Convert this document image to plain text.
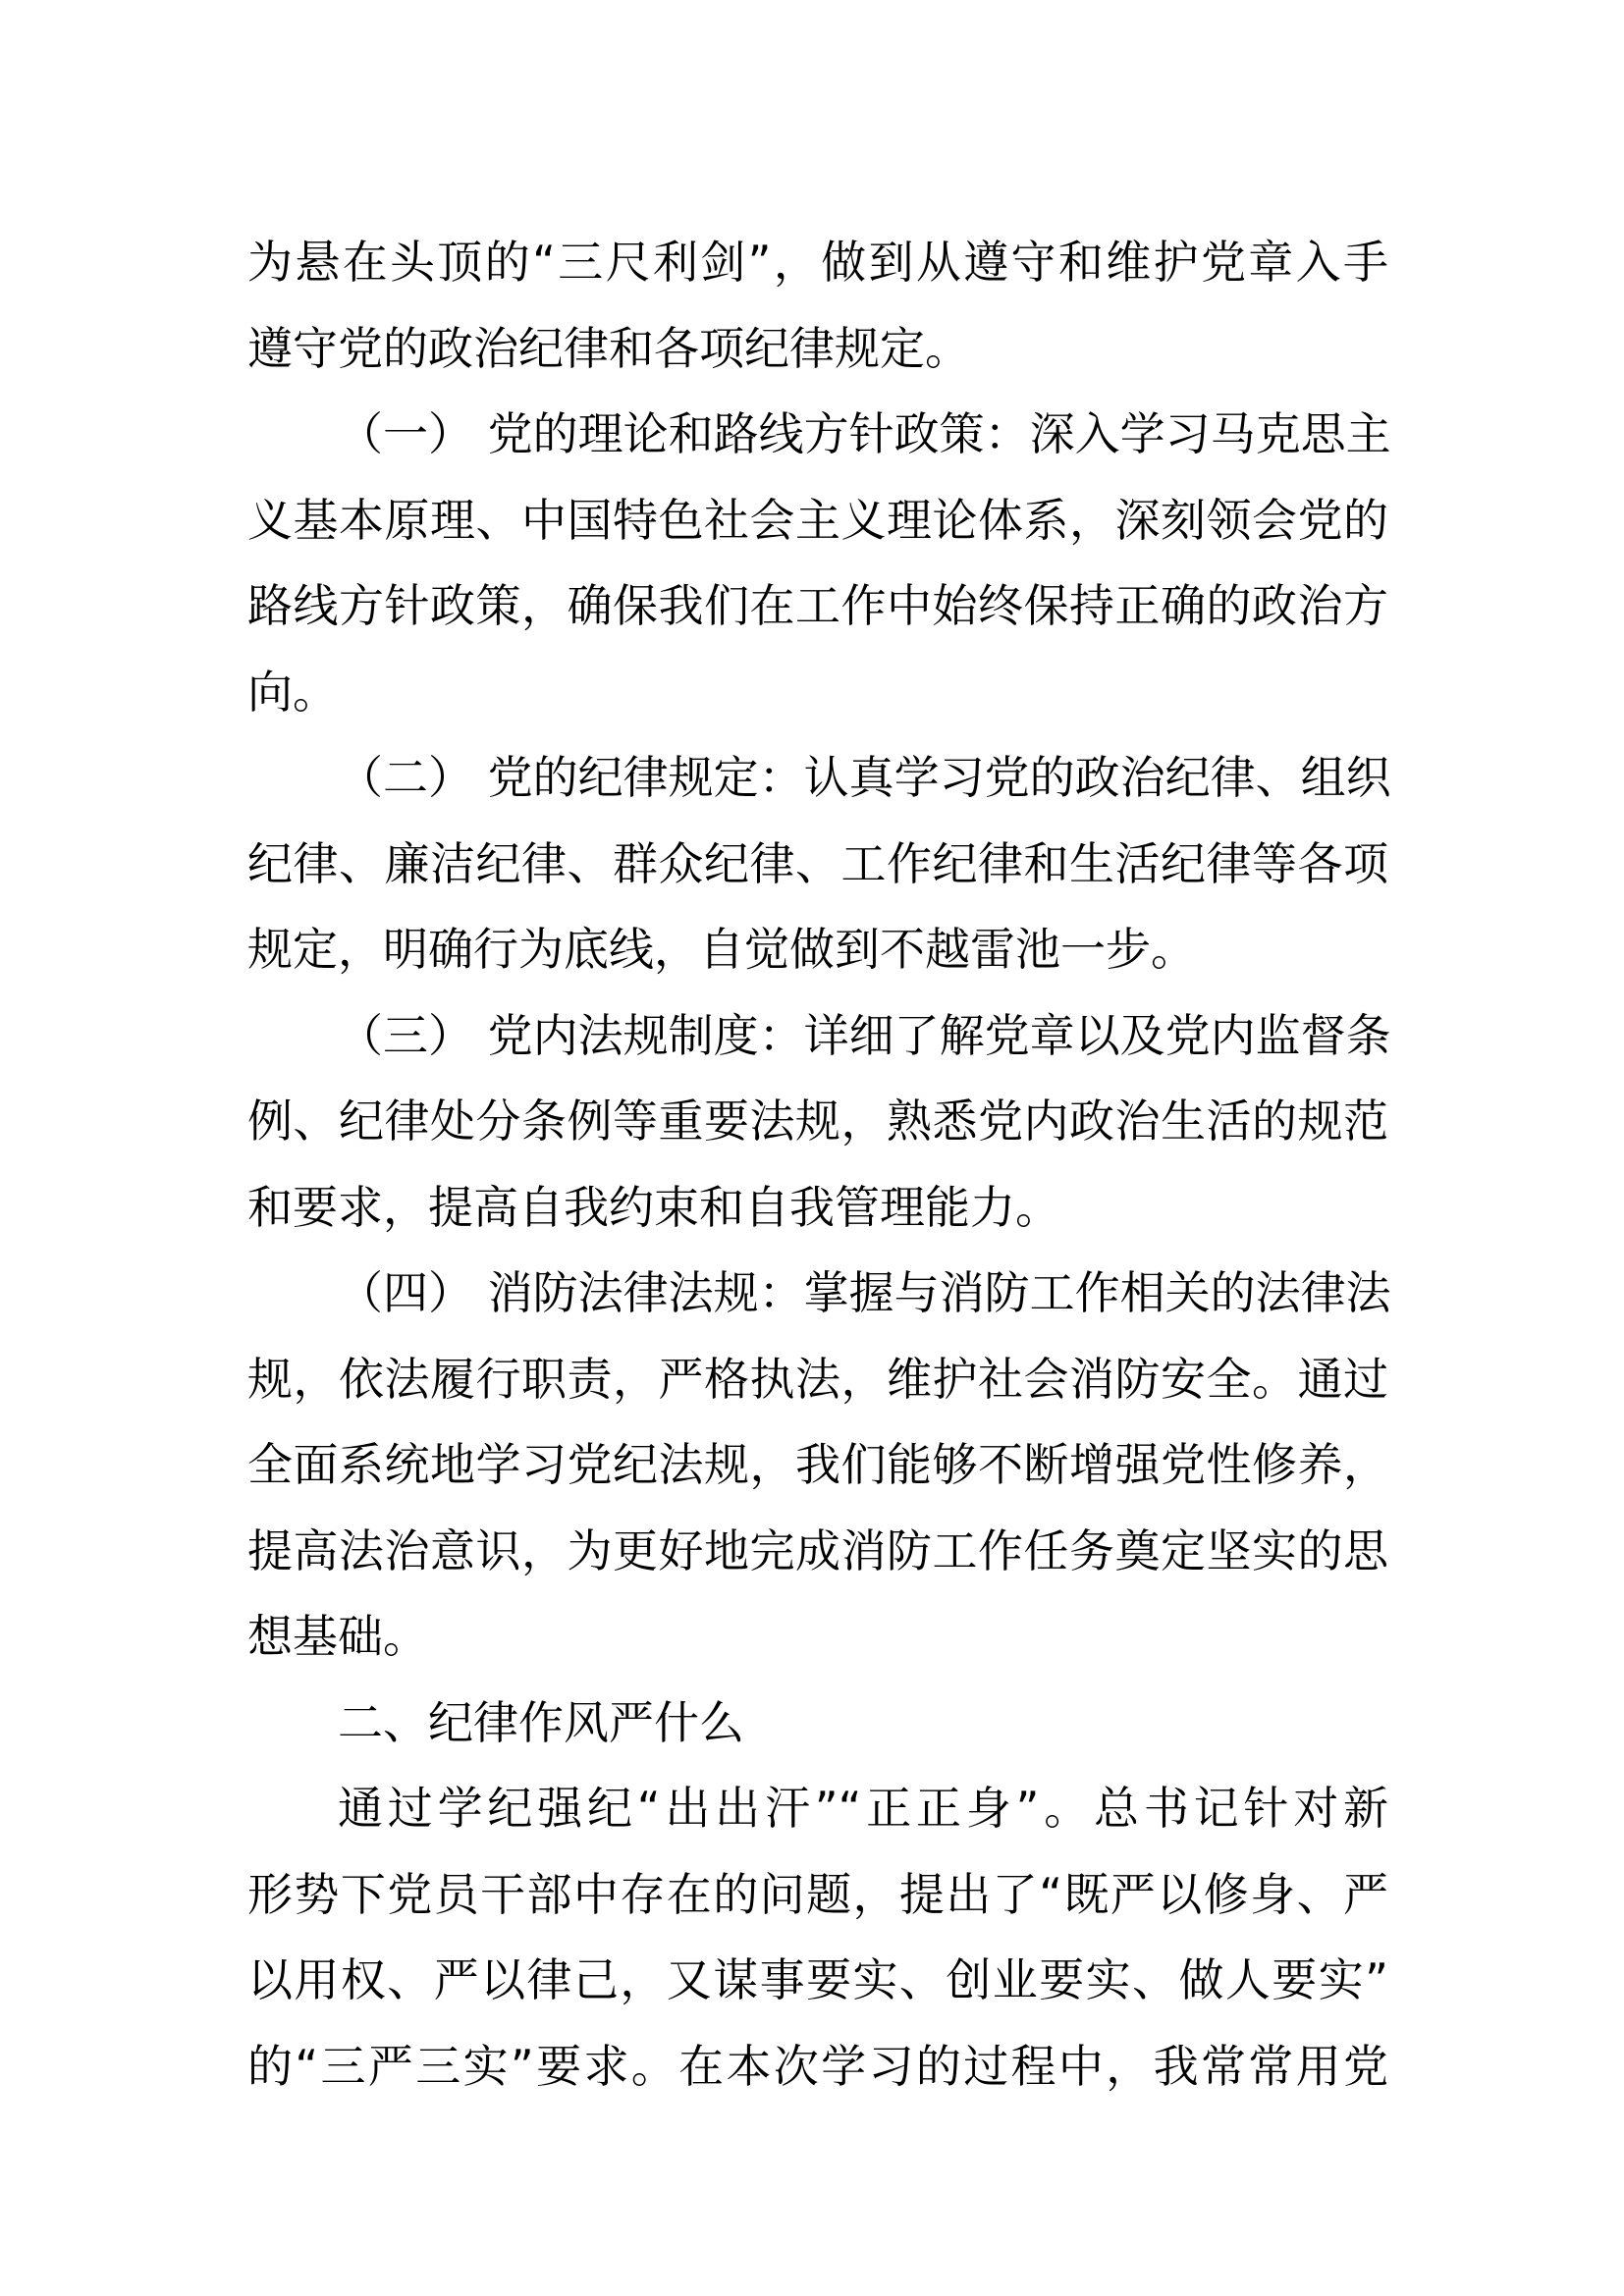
为悬在头顶的“三尺利剑”，做到从遵守和维护党章入手
遵守党的政治纪律和各项纪律规定。
（一） 党的理论和路线方针政策：深入学习马克思主
义基本原理、中国特色社会主义理论体系，深刻领会党的
路线方针政策，确保我们在工作中始终保持正确的政治方
向。
（二） 党的纪律规定：认真学习党的政治纪律、组织
纪律、廉洁纪律、群众纪律、工作纪律和生活纪律等各项
规定，明确行为底线，自觉做到不越雷池一步。
（三） 党内法规制度：详细了解党章以及党内监督条
例、纪律处分条例等重要法规，熟悉党内政治生活的规范
和要求，提高自我约束和自我管理能力。
（四） 消防法律法规：掌握与消防工作相关的法律法
规，依法履行职责，严格执法，维护社会消防安全。通过
全面系统地学习党纪法规，我们能够不断增强党性修养，
提高法治意识，为更好地完成消防工作任务奠定坚实的思
想基础。
二、纪律作风严什么
通过学纪强纪“出出汗”“正正身”。总书记针对新
形势下党员干部中存在的问题，提出了“既严以修身、严
以用权、严以律己，又谋事要实、创业要实、做人要实”
的“三严三实”要求。在本次学习的过程中，我常常用党
